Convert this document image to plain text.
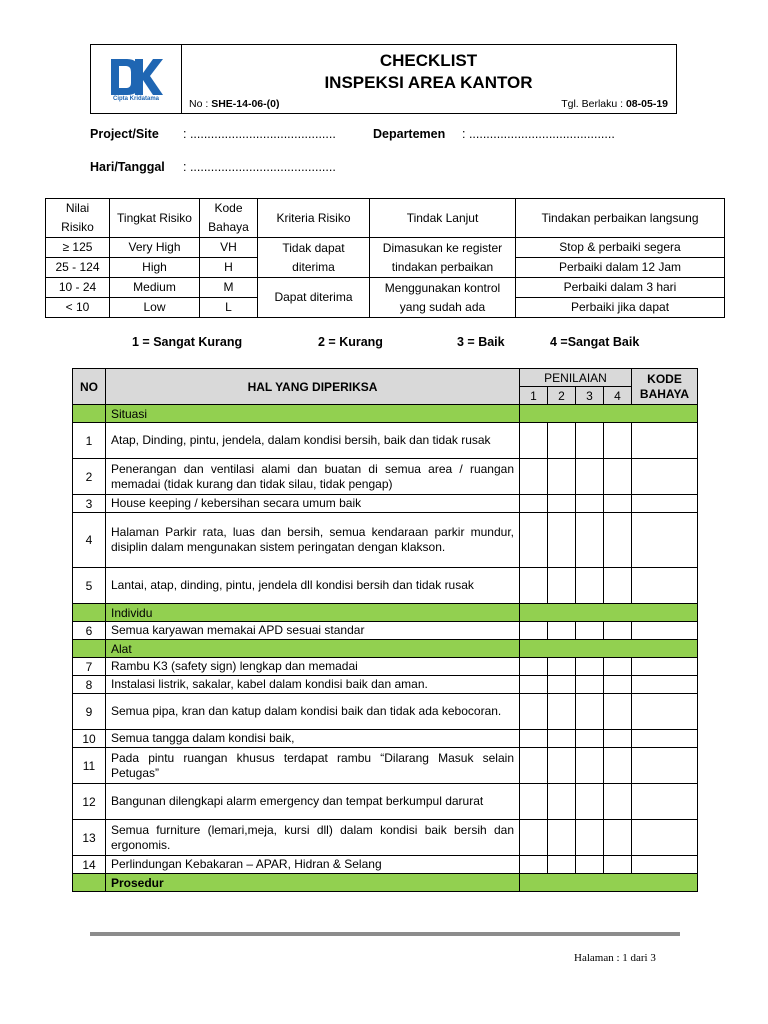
Cipta Kridatama
CHECKLIST
INSPEKSI AREA KANTOR
No : SHE-14-06-(0)	Tgl. Berlaku : 08-05-19
Project/Site : ..........................................	Departemen : ..........................................
Hari/Tanggal : ..........................................
Nilai Risiko	Tingkat Risiko	Kode Bahaya	Kriteria Risiko	Tindak Lanjut	Tindakan perbaikan langsung
≥ 125	Very High	VH	Tidak dapat diterima	Dimasukan ke register tindakan perbaikan	Stop & perbaiki segera
25 - 124	High	H			Perbaiki dalam 12 Jam
10 - 24	Medium	M	Dapat diterima	Menggunakan kontrol yang sudah ada	Perbaiki dalam 3 hari
< 10	Low	L			Perbaiki jika dapat
1 = Sangat Kurang	2 = Kurang	3 = Baik	4 =Sangat Baik
NO	HAL YANG DIPERIKSA	PENILAIAN				KODE BAHAYA
		1	2	3	4	
	Situasi					
1	Atap, Dinding, pintu, jendela, dalam kondisi bersih, baik dan tidak rusak					
2	Penerangan dan ventilasi alami dan buatan di semua area / ruangan memadai (tidak kurang dan tidak silau, tidak pengap)					
3	House keeping / kebersihan secara umum baik					
4	Halaman Parkir rata, luas dan bersih, semua kendaraan parkir mundur, disiplin dalam mengunakan sistem peringatan dengan klakson.					
5	Lantai, atap, dinding, pintu, jendela dll kondisi bersih dan tidak rusak					
	Individu					
6	Semua karyawan memakai APD sesuai standar					
	Alat					
7	Rambu K3 (safety sign) lengkap dan memadai					
8	Instalasi listrik, sakalar, kabel dalam kondisi baik dan aman.					
9	Semua pipa, kran dan katup dalam kondisi baik dan tidak ada kebocoran.					
10	Semua tangga dalam kondisi baik,					
11	Pada pintu ruangan khusus terdapat rambu “Dilarang Masuk selain Petugas”					
12	Bangunan dilengkapi alarm emergency dan tempat berkumpul darurat					
13	Semua furniture (lemari,meja, kursi dll) dalam kondisi baik bersih dan ergonomis.					
14	Perlindungan Kebakaran – APAR, Hidran & Selang					
	Prosedur					
Halaman : 1 dari 3
